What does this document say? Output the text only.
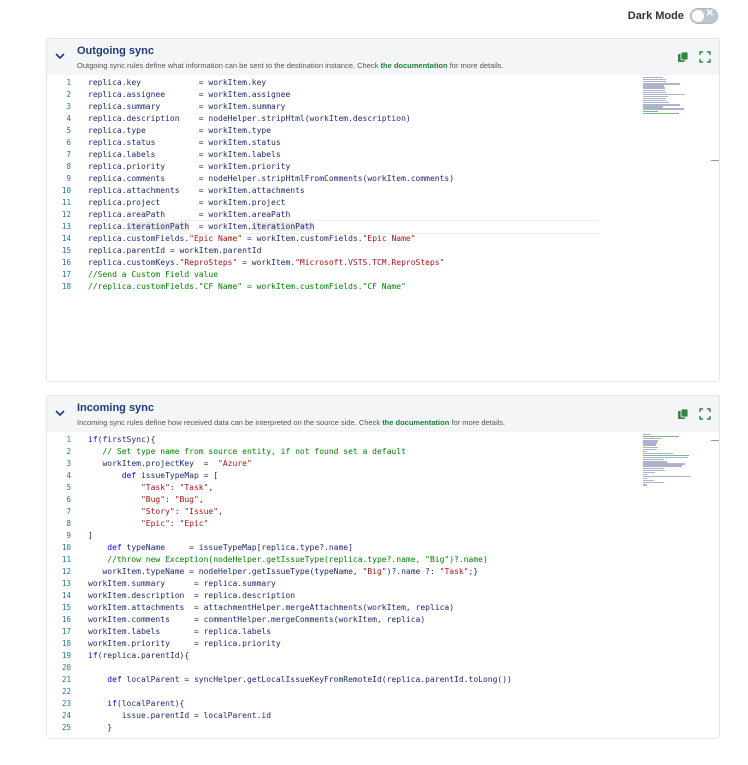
Dark Mode ✕
Outgoing sync
Outgoing sync rules define what information can be sent to the destination instance. Check the documentation for more details.
1 replica.key            = workItem.key
2 replica.assignee       = workItem.assignee
3 replica.summary        = workItem.summary
4 replica.description    = nodeHelper.stripHtml(workItem.description)
5 replica.type           = workItem.type
6 replica.status         = workItem.status
7 replica.labels         = workItem.labels
8 replica.priority       = workItem.priority
9 replica.comments       = nodeHelper.stripHtmlFromComments(workItem.comments)
10 replica.attachments    = workItem.attachments
11 replica.project        = workItem.project
12 replica.areaPath       = workItem.areaPath
13 replica.iterationPath  = workItem.iterationPath
14 replica.customFields."Epic Name" = workItem.customFields."Epic Name"
15 replica.parentId = workItem.parentId
16 replica.customKeys."ReproSteps" = workItem."Microsoft.VSTS.TCM.ReproSteps"
17 //Send a Custom Field value
18 //replica.customFields."CF Name" = workItem.customFields."CF Name"
Incoming sync
Incoming sync rules define how received data can be interpreted on the source side. Check the documentation for more details.
1 if(firstSync){
2 // Set type name from source entity, if not found set a default
3 workItem.projectKey  =  "Azure"
4	def issueTypeMap = [
5	"Task": "Task",
6	"Bug": "Bug",
7	"Story": "Issue",
8	"Epic": "Epic"
9 ]
10	def typeName     = issueTypeMap[replica.type?.name]
11 //throw new Exception(nodeHelper.getIssueType(replica.type?.name, "Big")?.name)
12 workItem.typeName = nodeHelper.getIssueType(typeName, "Big")?.name ?: "Task";}
13 workItem.summary      = replica.summary
14 workItem.description  = replica.description
15 workItem.attachments  = attachmentHelper.mergeAttachments(workItem, replica)
16 workItem.comments     = commentHelper.mergeComments(workItem, replica)
17 workItem.labels       = replica.labels
18 workItem.priority     = replica.priority
19 if(replica.parentId){
20
21	def localParent = syncHelper.getLocalIssueKeyFromRemoteId(replica.parentId.toLong())
22
23	if(localParent){
24 issue.parentId = localParent.id
25 }
